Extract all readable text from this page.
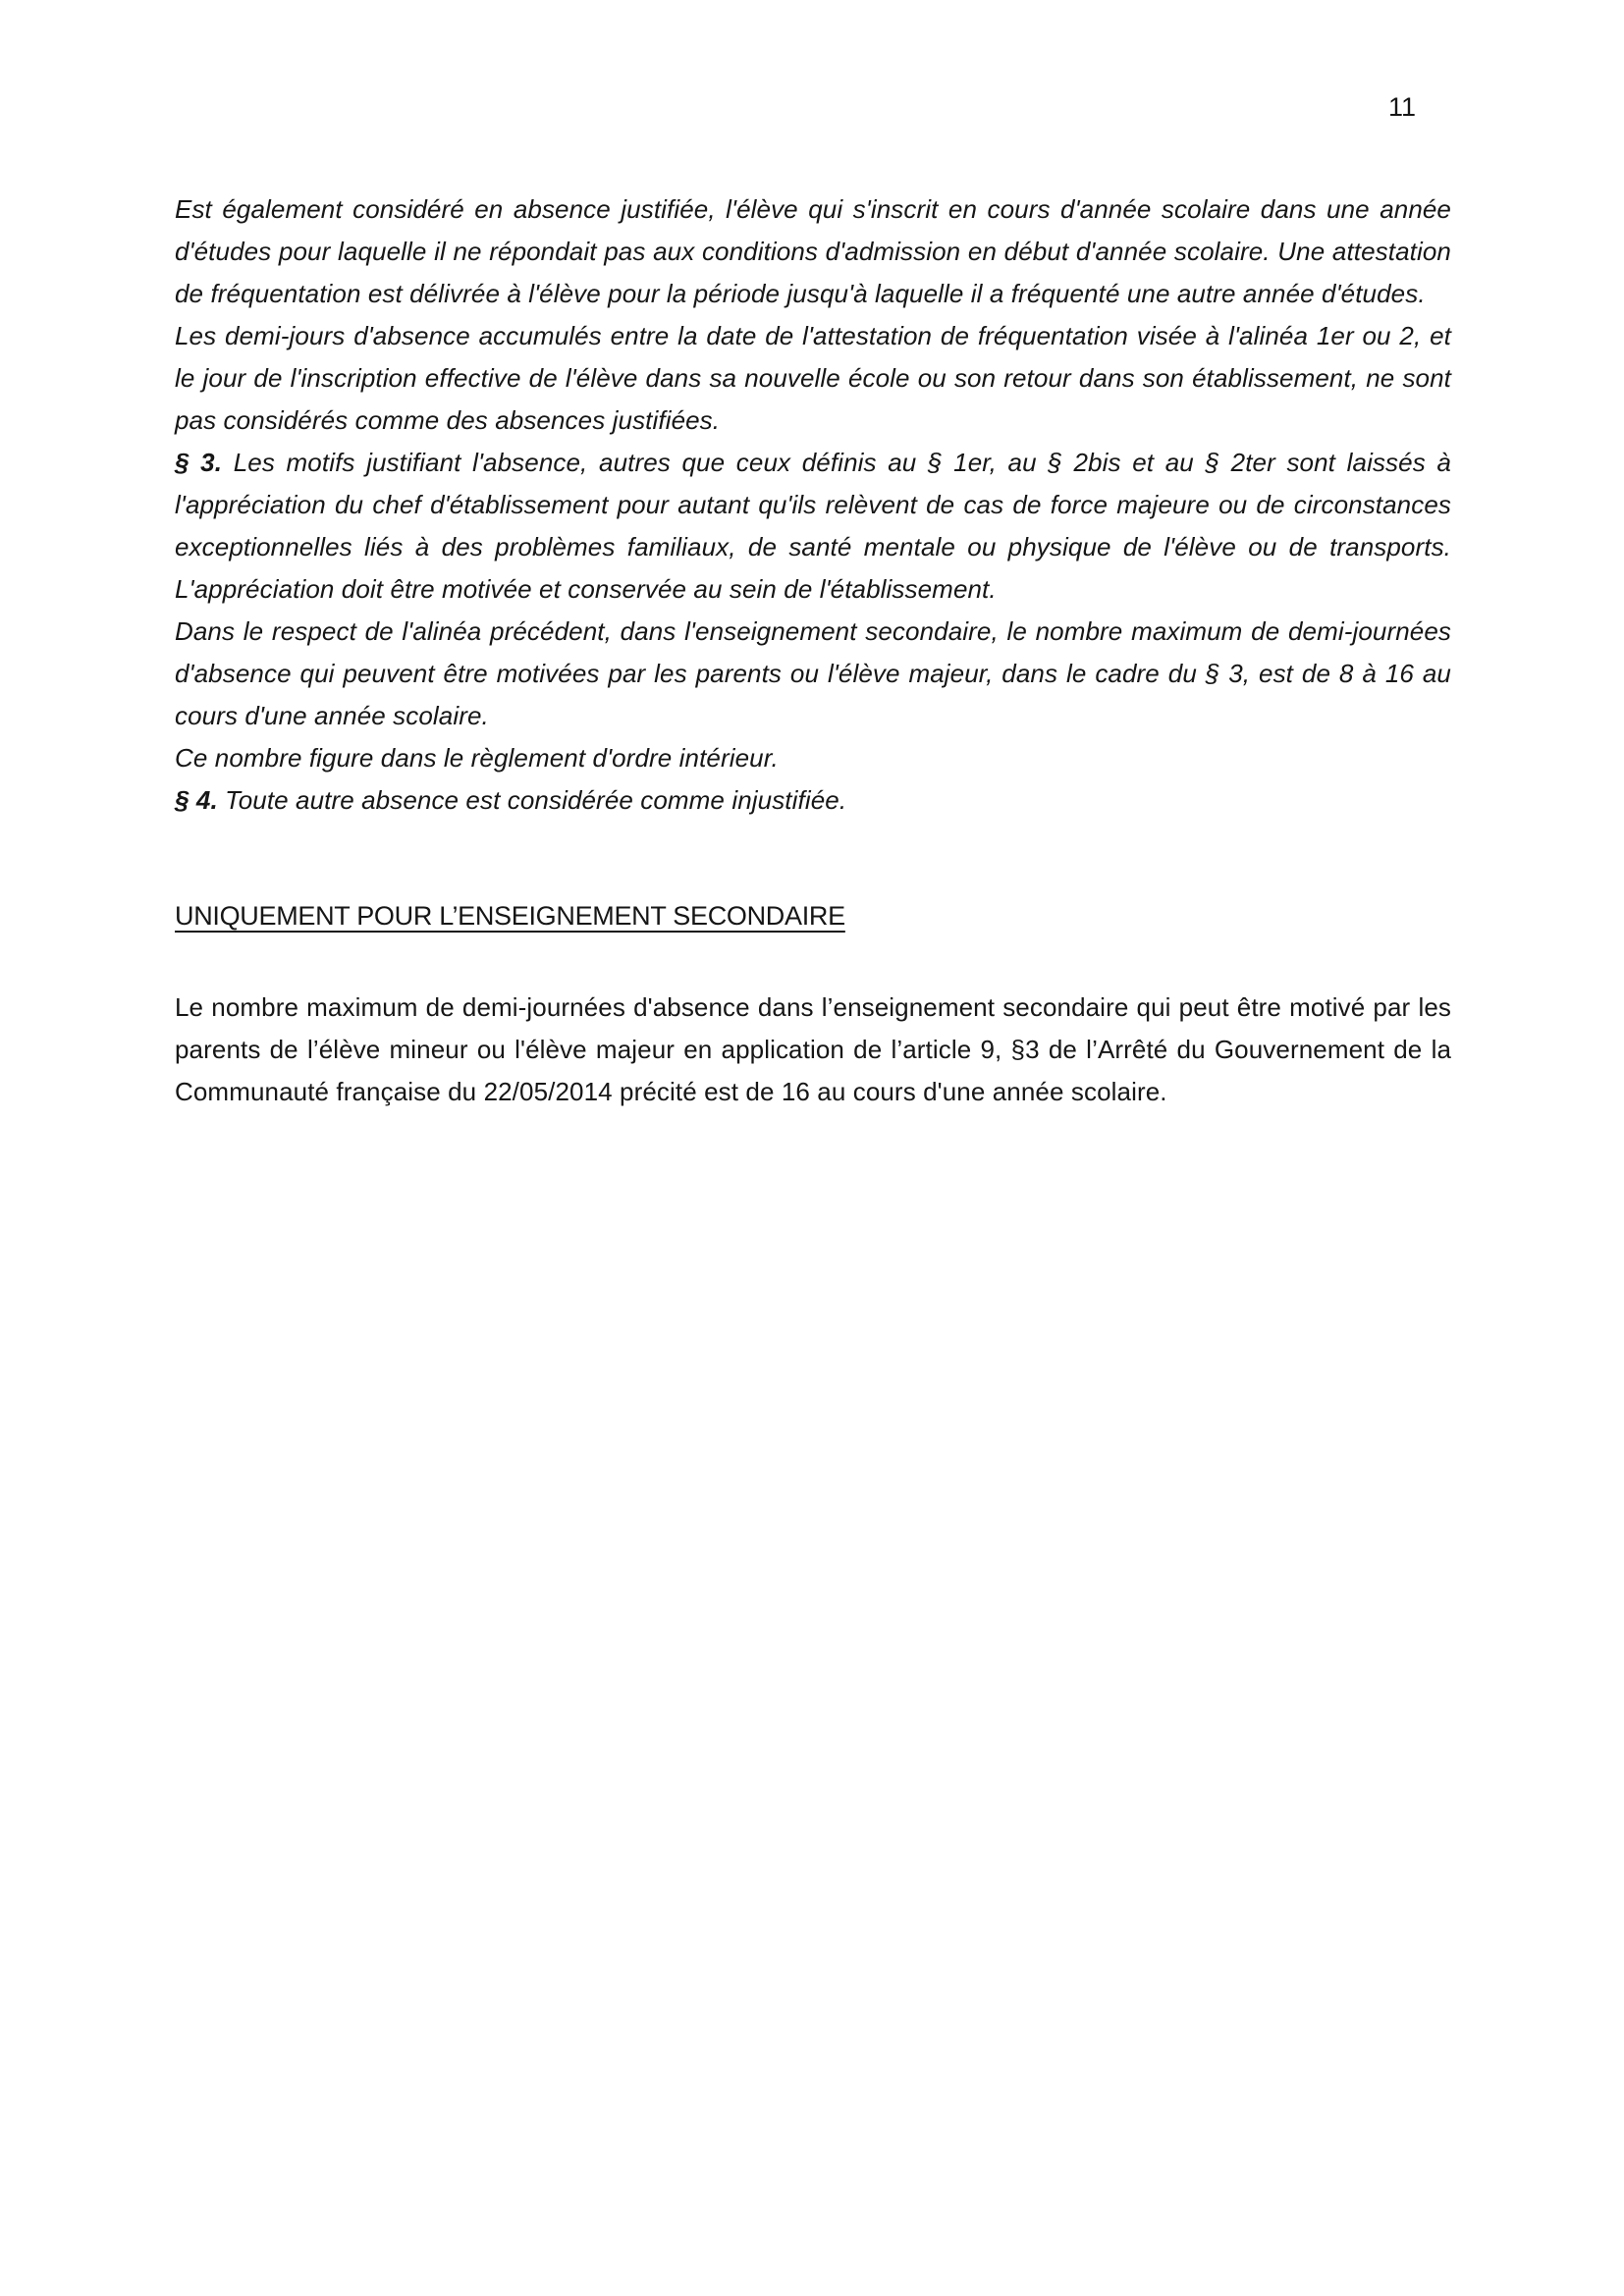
11

Est également considéré en absence justifiée, l'élève qui s'inscrit en cours d'année scolaire dans une année d'études pour laquelle il ne répondait pas aux conditions d'admission en début d'année scolaire. Une attestation de fréquentation est délivrée à l'élève pour la période jusqu'à laquelle il a fréquenté une autre année d'études.

Les demi-jours d'absence accumulés entre la date de l'attestation de fréquentation visée à l'alinéa 1er ou 2, et le jour de l'inscription effective de l'élève dans sa nouvelle école ou son retour dans son établissement, ne sont pas considérés comme des absences justifiées.

§ 3. Les motifs justifiant l'absence, autres que ceux définis au § 1er, au § 2bis et au § 2ter sont laissés à l'appréciation du chef d'établissement pour autant qu'ils relèvent de cas de force majeure ou de circonstances exceptionnelles liés à des problèmes familiaux, de santé mentale ou physique de l'élève ou de transports. L'appréciation doit être motivée et conservée au sein de l'établissement.

Dans le respect de l'alinéa précédent, dans l'enseignement secondaire, le nombre maximum de demi-journées d'absence qui peuvent être motivées par les parents ou l'élève majeur, dans le cadre du § 3, est de 8 à 16 au cours d'une année scolaire.

Ce nombre figure dans le règlement d'ordre intérieur.

§ 4. Toute autre absence est considérée comme injustifiée.

UNIQUEMENT POUR L’ENSEIGNEMENT SECONDAIRE

Le nombre maximum de demi-journées d'absence dans l’enseignement secondaire qui peut être motivé par les parents de l’élève mineur ou l'élève majeur en application de l’article 9, §3 de l’Arrêté du Gouvernement de la Communauté française du 22/05/2014 précité est de 16 au cours d'une année scolaire.
